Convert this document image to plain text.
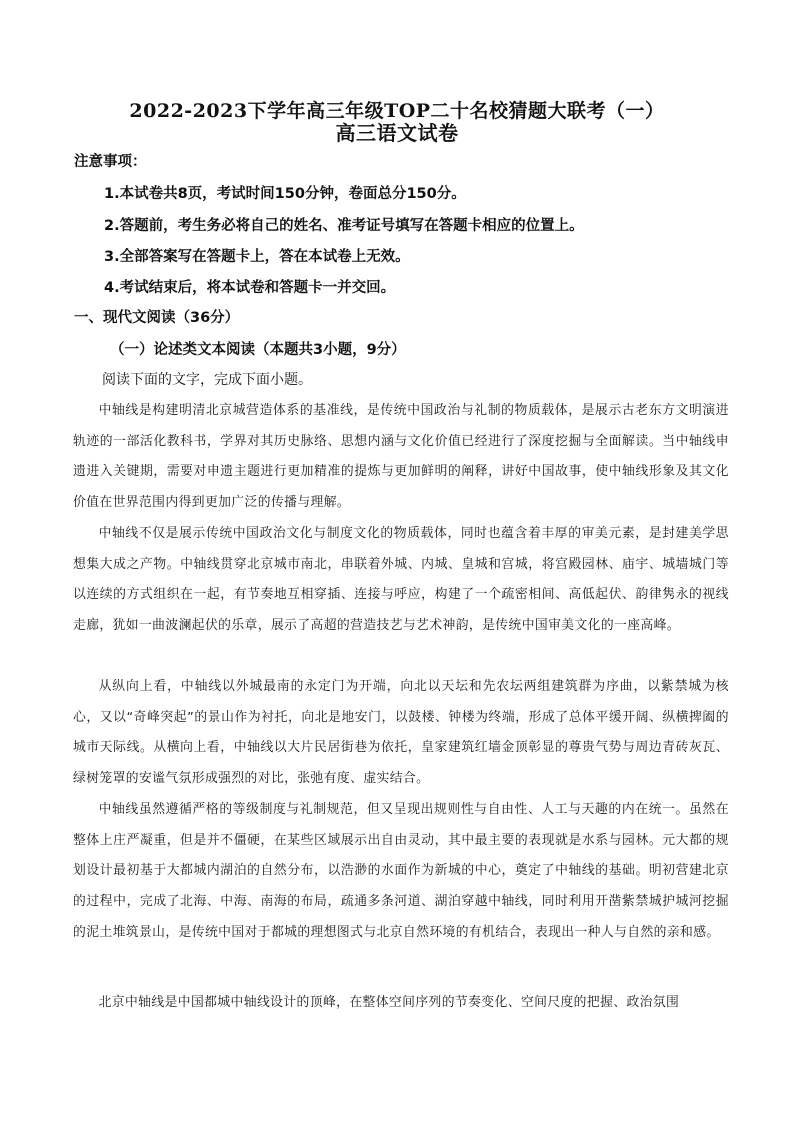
2022-2023下学年高三年级TOP二十名校猜题大联考（一）
高三语文试卷
注意事项：
1.本试卷共8页，考试时间150分钟，卷面总分150分。
2.答题前，考生务必将自己的姓名、准考证号填写在答题卡相应的位置上。
3.全部答案写在答题卡上，答在本试卷上无效。
4.考试结束后，将本试卷和答题卡一并交回。
一、现代文阅读（36分）
（一）论述类文本阅读（本题共3小题，9分）
阅读下面的文字，完成下面小题。
中轴线是构建明清北京城营造体系的基准线，是传统中国政治与礼制的物质载体，是展示古老东方文明演进轨迹的一部活化教科书，学界对其历史脉络、思想内涵与文化价值已经进行了深度挖掘与全面解读。当中轴线申遗进入关键期，需要对申遗主题进行更加精准的提炼与更加鲜明的阐释，讲好中国故事，使中轴线形象及其文化价值在世界范围内得到更加广泛的传播与理解。
中轴线不仅是展示传统中国政治文化与制度文化的物质载体，同时也蕴含着丰厚的审美元素，是封建美学思想集大成之产物。中轴线贯穿北京城市南北，串联着外城、内城、皇城和宫城，将宫殿园林、庙宇、城墙城门等以连续的方式组织在一起，有节奏地互相穿插、连接与呼应，构建了一个疏密相间、高低起伏、韵律隽永的视线走廊，犹如一曲波澜起伏的乐章，展示了高超的营造技艺与艺术神韵，是传统中国审美文化的一座高峰。
从纵向上看，中轴线以外城最南的永定门为开端，向北以天坛和先农坛两组建筑群为序曲，以紫禁城为核心，又以“奇峰突起”的景山作为衬托，向北是地安门，以鼓楼、钟楼为终端，形成了总体平缓开阔、纵横捭阖的城市天际线。从横向上看，中轴线以大片民居街巷为依托，皇家建筑红墙金顶彰显的尊贵气势与周边青砖灰瓦、绿树笼罩的安谧气氛形成强烈的对比，张弛有度、虚实结合。
中轴线虽然遵循严格的等级制度与礼制规范，但又呈现出规则性与自由性、人工与天趣的内在统一。虽然在整体上庄严凝重，但是并不僵硬，在某些区域展示出自由灵动，其中最主要的表现就是水系与园林。元大都的规划设计最初基于大都城内湖泊的自然分布，以浩渺的水面作为新城的中心，奠定了中轴线的基础。明初营建北京的过程中，完成了北海、中海、南海的布局，疏通多条河道、湖泊穿越中轴线，同时利用开凿紫禁城护城河挖掘的泥土堆筑景山，是传统中国对于都城的理想图式与北京自然环境的有机结合，表现出一种人与自然的亲和感。
北京中轴线是中国都城中轴线设计的顶峰，在整体空间序列的节奏变化、空间尺度的把握、政治氛围
